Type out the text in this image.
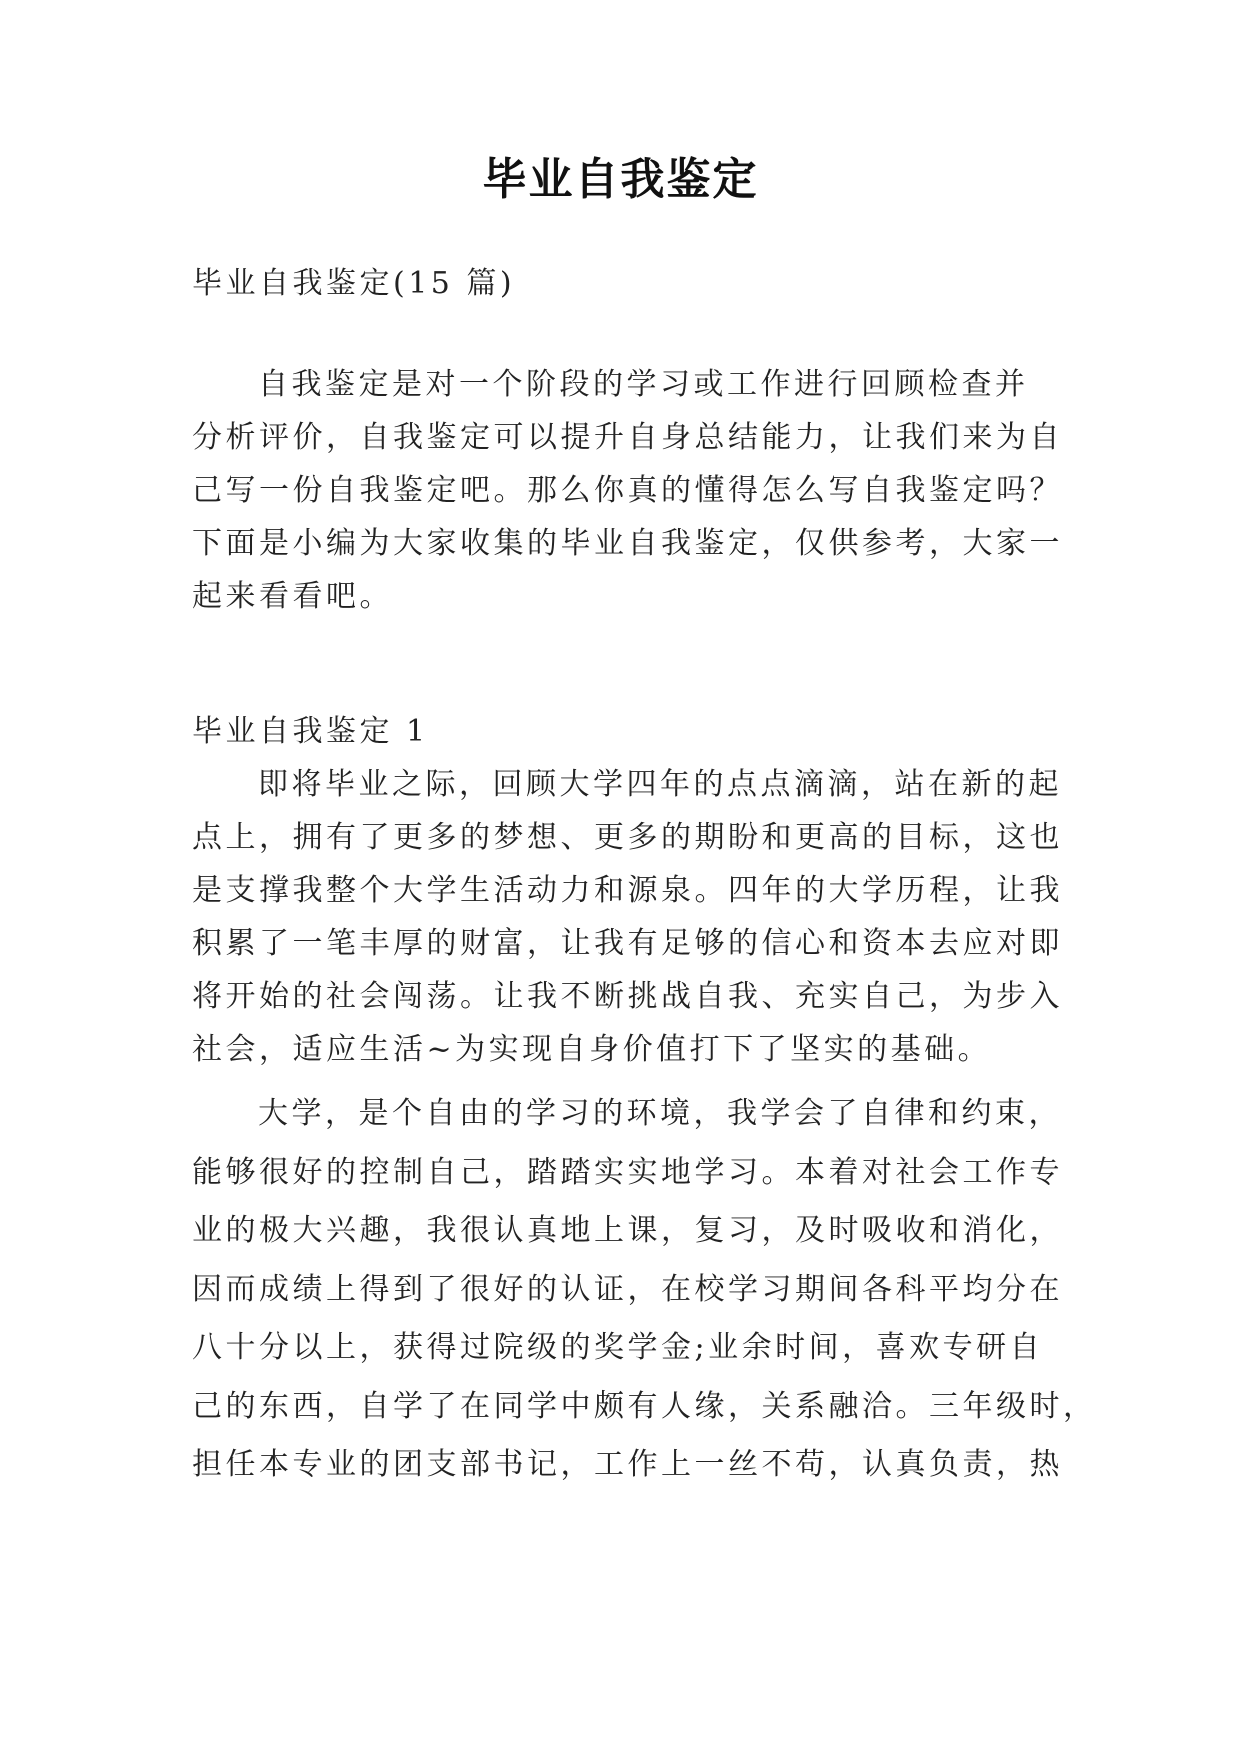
毕业自我鉴定
毕业自我鉴定(15 篇)
自我鉴定是对一个阶段的学习或工作进行回顾检查并
分析评价，自我鉴定可以提升自身总结能力，让我们来为自
己写一份自我鉴定吧。那么你真的懂得怎么写自我鉴定吗？
下面是小编为大家收集的毕业自我鉴定，仅供参考，大家一
起来看看吧。
毕业自我鉴定 1
即将毕业之际，回顾大学四年的点点滴滴，站在新的起
点上，拥有了更多的梦想、更多的期盼和更高的目标，这也
是支撑我整个大学生活动力和源泉。四年的大学历程，让我
积累了一笔丰厚的财富，让我有足够的信心和资本去应对即
将开始的社会闯荡。让我不断挑战自我、充实自己，为步入
社会，适应生活~为实现自身价值打下了坚实的基础。
大学，是个自由的学习的环境，我学会了自律和约束，
能够很好的控制自己，踏踏实实地学习。本着对社会工作专
业的极大兴趣，我很认真地上课，复习，及时吸收和消化，
因而成绩上得到了很好的认证，在校学习期间各科平均分在
八十分以上，获得过院级的奖学金;业余时间，喜欢专研自
己的东西，自学了在同学中颇有人缘，关系融洽。三年级时，
担任本专业的团支部书记，工作上一丝不苟，认真负责，热
